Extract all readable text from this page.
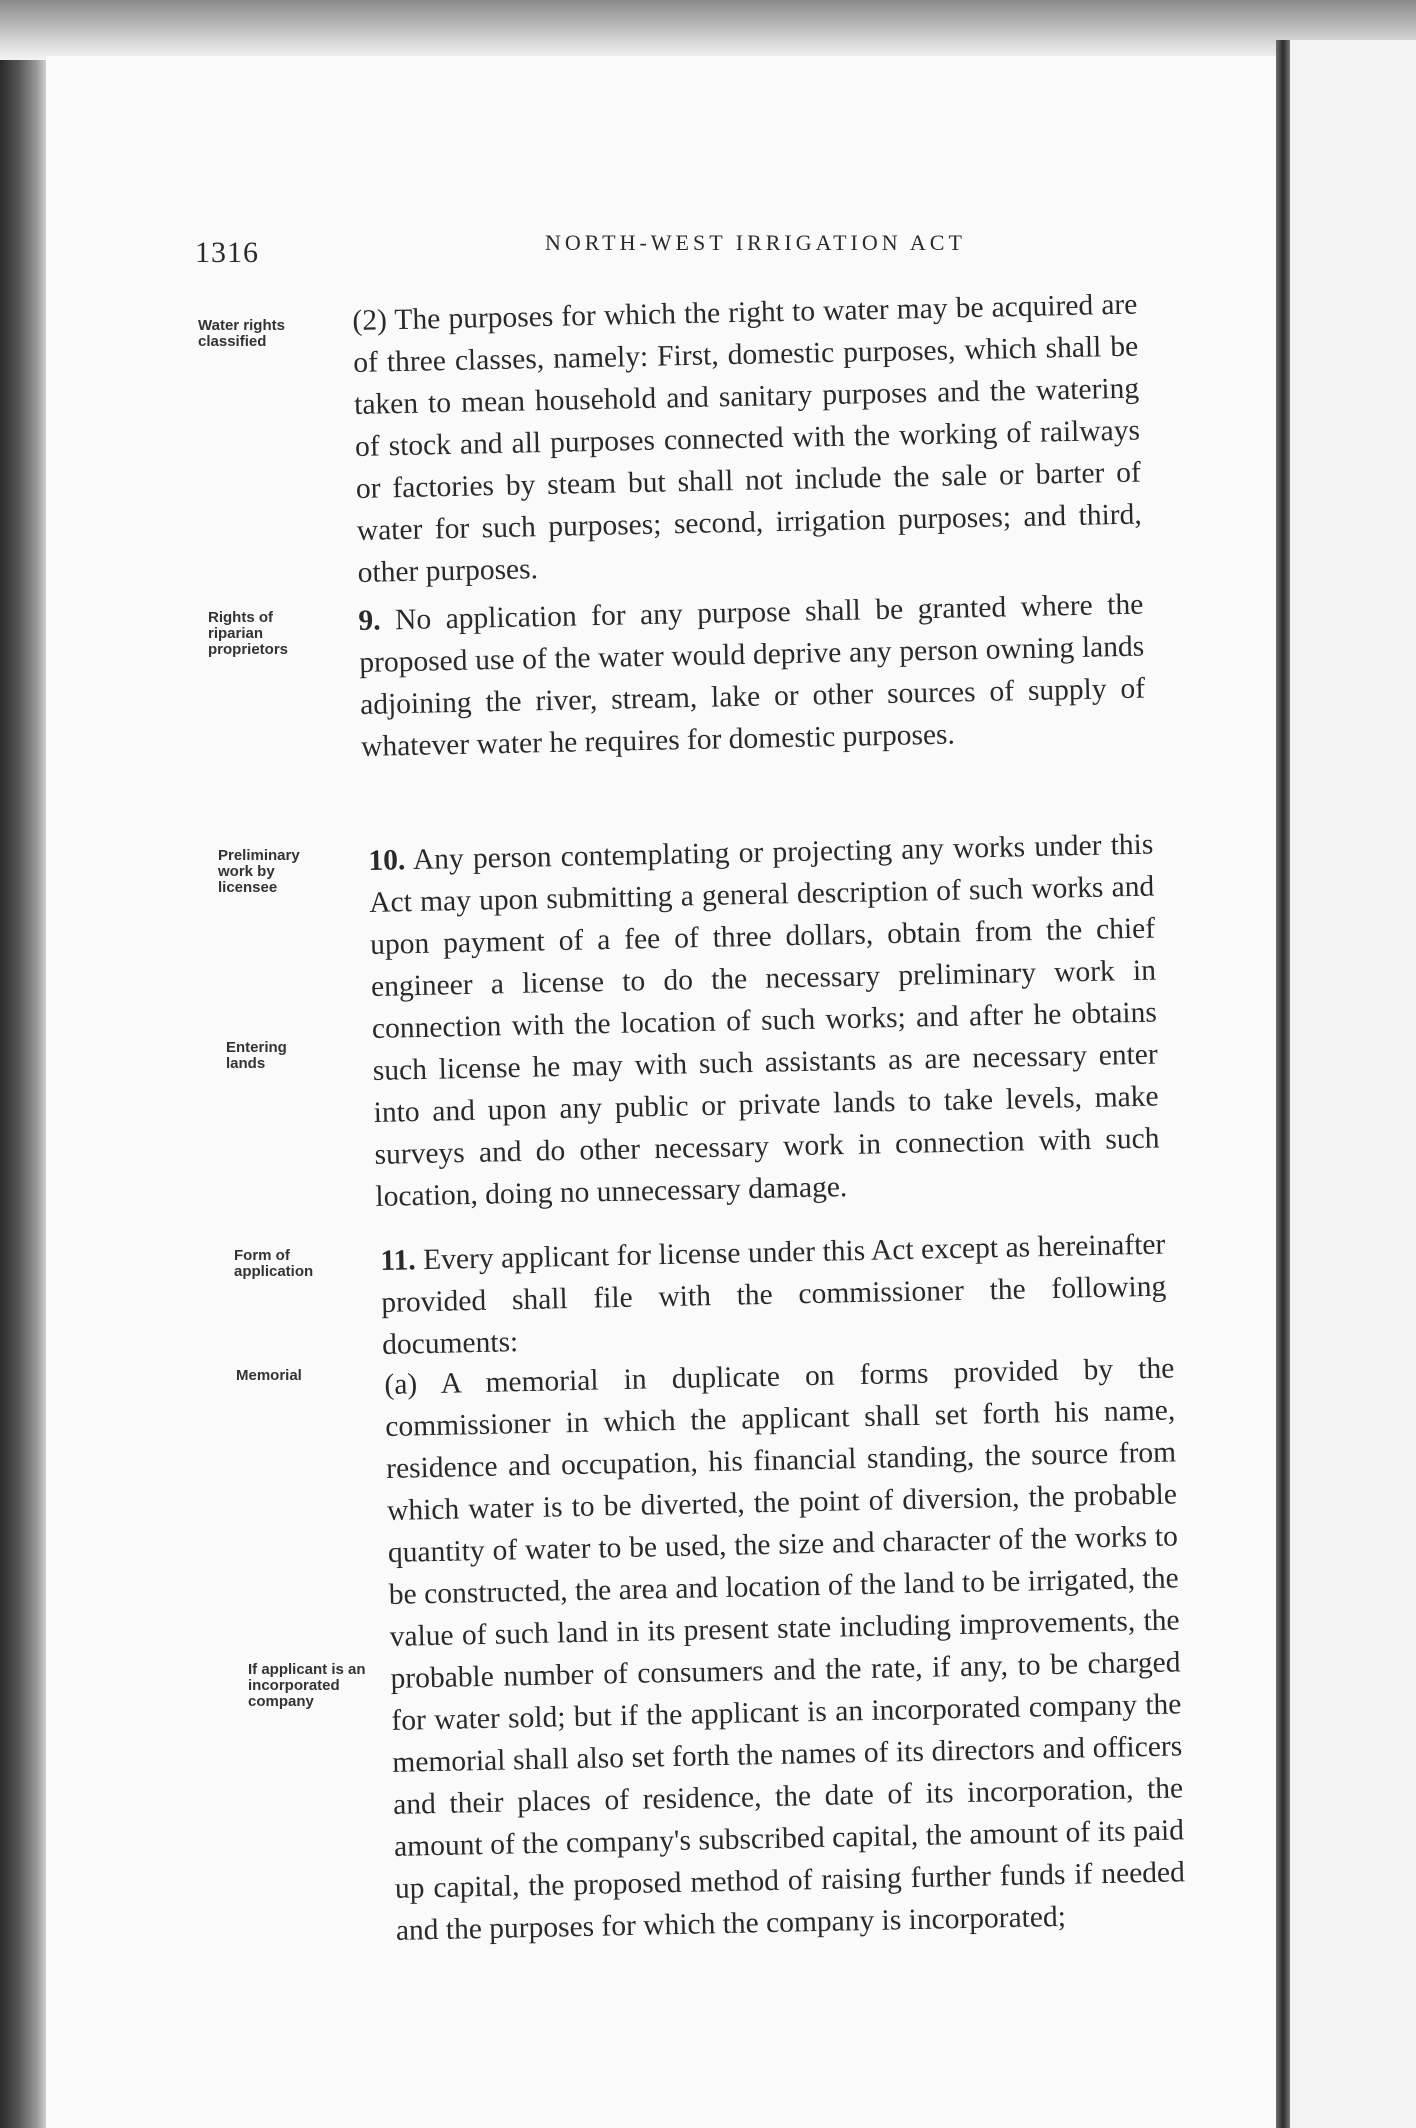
1316	NORTH-WEST IRRIGATION ACT
Water rights classified
Rights of riparian proprietors
Preliminary work by licensee
Entering lands
Form of application
Memorial
If applicant is an incorporated company

(2) The purposes for which the right to water may be acquired are of three classes, namely: First, domestic purposes, which shall be taken to mean household and sanitary purposes and the watering of stock and all purposes connected with the working of railways or factories by steam but shall not include the sale or barter of water for such purposes; second, irrigation purposes; and third, other purposes.

9. No application for any purpose shall be granted where the proposed use of the water would deprive any person owning lands adjoining the river, stream, lake or other sources of supply of whatever water he requires for domestic purposes.

10. Any person contemplating or projecting any works under this Act may upon submitting a general description of such works and upon payment of a fee of three dollars, obtain from the chief engineer a license to do the necessary preliminary work in connection with the location of such works; and after he obtains such license he may with such assistants as are necessary enter into and upon any public or private lands to take levels, make surveys and do other necessary work in connection with such location, doing no unnecessary damage.

11. Every applicant for license under this Act except as hereinafter provided shall file with the commissioner the following documents:

(a) A memorial in duplicate on forms provided by the commissioner in which the applicant shall set forth his name, residence and occupation, his financial standing, the source from which water is to be diverted, the point of diversion, the probable quantity of water to be used, the size and character of the works to be constructed, the area and location of the land to be irrigated, the value of such land in its present state including improvements, the probable number of consumers and the rate, if any, to be charged for water sold; but if the applicant is an incorporated company the memorial shall also set forth the names of its directors and officers and their places of residence, the date of its incorporation, the amount of the company's subscribed capital, the amount of its paid up capital, the proposed method of raising further funds if needed and the purposes for which the company is incorporated;
